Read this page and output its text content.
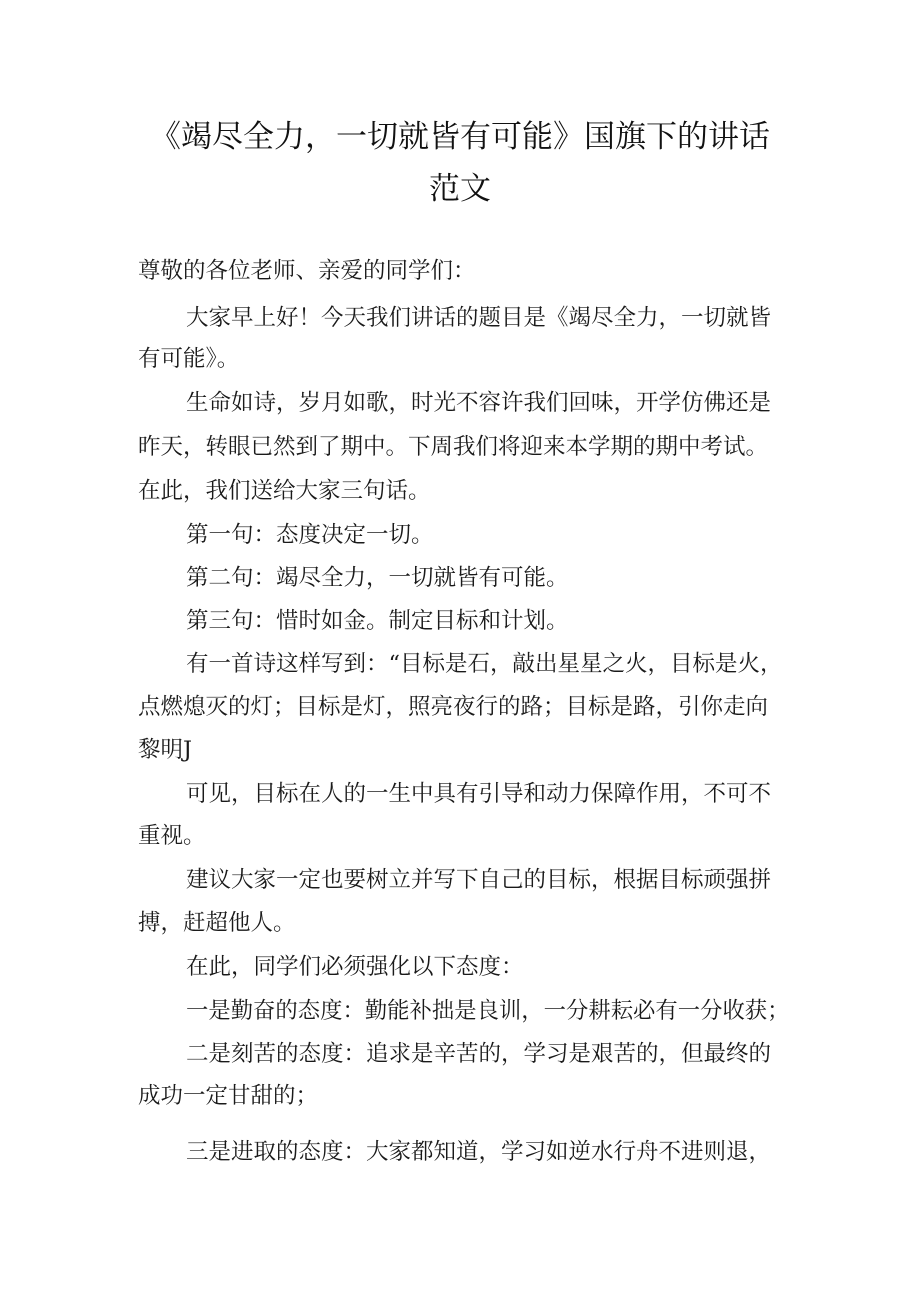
《竭尽全力，一切就皆有可能》国旗下的讲话
范文
尊敬的各位老师、亲爱的同学们：
大家早上好！今天我们讲话的题目是《竭尽全力，一切就皆
有可能》。
生命如诗，岁月如歌，时光不容许我们回味，开学仿佛还是
昨天，转眼已然到了期中。下周我们将迎来本学期的期中考试。
在此，我们送给大家三句话。
第一句：态度决定一切。
第二句：竭尽全力，一切就皆有可能。
第三句：惜时如金。制定目标和计划。
有一首诗这样写到：“目标是石，敲出星星之火，目标是火，
点燃熄灭的灯；目标是灯，照亮夜行的路；目标是路，引你走向
黎明J
可见，目标在人的一生中具有引导和动力保障作用，不可不
重视。
建议大家一定也要树立并写下自己的目标，根据目标顽强拼
搏，赶超他人。
在此，同学们必须强化以下态度：
一是勤奋的态度：勤能补拙是良训，一分耕耘必有一分收获；
二是刻苦的态度：追求是辛苦的，学习是艰苦的，但最终的
成功一定甘甜的；
三是进取的态度：大家都知道，学习如逆水行舟不进则退，
